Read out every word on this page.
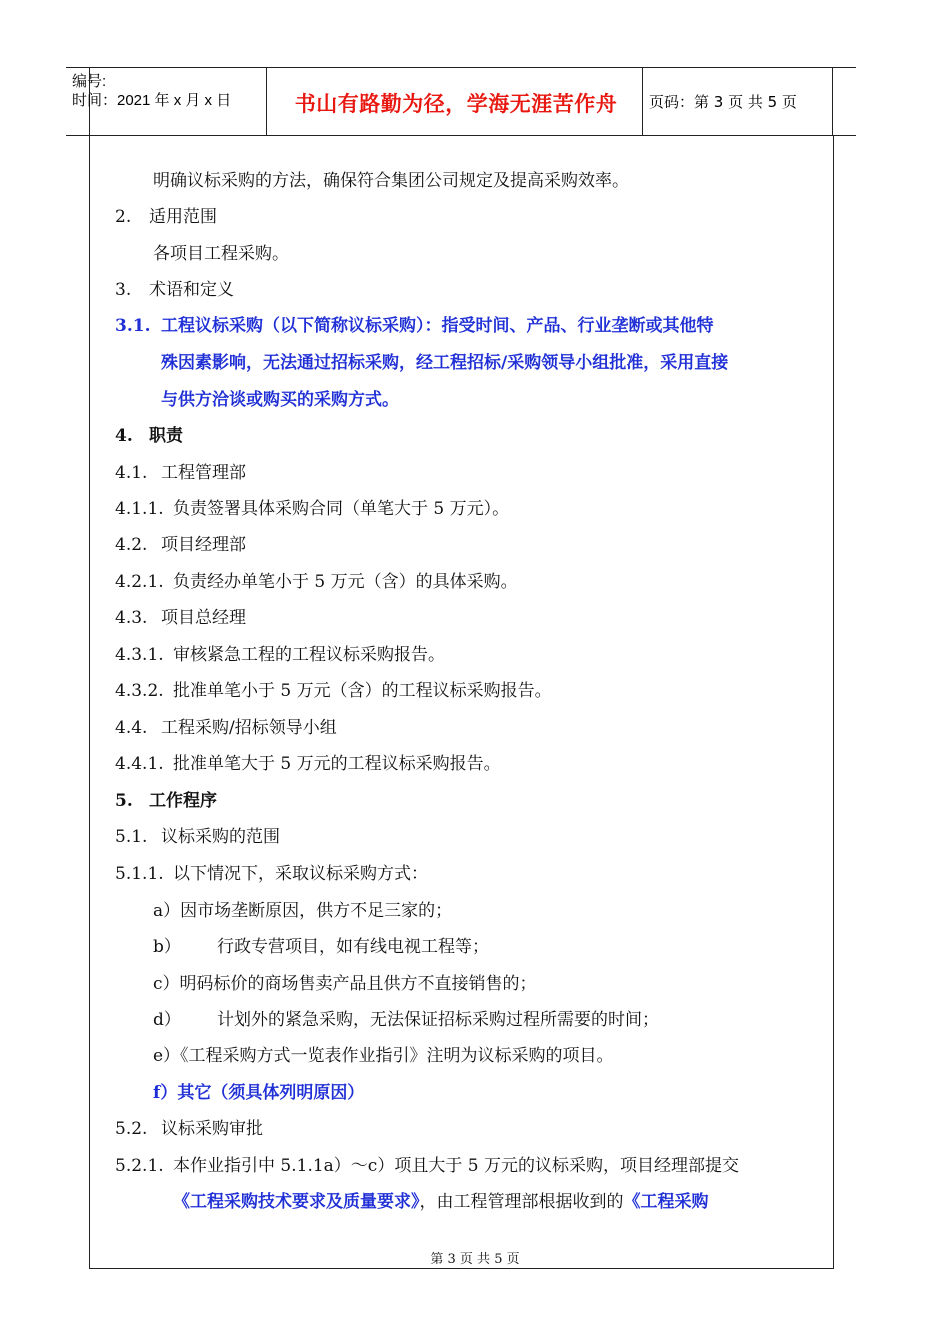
编号:
时间：2021 年 x 月 x 日	书山有路勤为径，学海无涯苦作舟	页码：第 3 页 共 5 页
明确议标采购的方法，确保符合集团公司规定及提高采购效率。
2. 适用范围
各项目工程采购。
3. 术语和定义
3.1. 工程议标采购（以下简称议标采购）：指受时间、产品、行业垄断或其他特
殊因素影响，无法通过招标采购，经工程招标/采购领导小组批准，采用直接
与供方洽谈或购买的采购方式。
4. 职责
4.1. 工程管理部
4.1.1. 负责签署具体采购合同（单笔大于 5 万元）。
4.2. 项目经理部
4.2.1. 负责经办单笔小于 5 万元（含）的具体采购。
4.3. 项目总经理
4.3.1. 审核紧急工程的工程议标采购报告。
4.3.2. 批准单笔小于 5 万元（含）的工程议标采购报告。
4.4. 工程采购/招标领导小组
4.4.1. 批准单笔大于 5 万元的工程议标采购报告。
5. 工作程序
5.1. 议标采购的范围
5.1.1. 以下情况下，采取议标采购方式：
a）因市场垄断原因，供方不足三家的；
b） 行政专营项目，如有线电视工程等；
c）明码标价的商场售卖产品且供方不直接销售的；
d） 计划外的紧急采购，无法保证招标采购过程所需要的时间；
e）《工程采购方式一览表作业指引》注明为议标采购的项目。
f）其它（须具体列明原因）
5.2. 议标采购审批
5.2.1. 本作业指引中 5.1.1a）～c）项且大于 5 万元的议标采购，项目经理部提交
《工程采购技术要求及质量要求》，由工程管理部根据收到的《工程采购
第 3 页 共 5 页
